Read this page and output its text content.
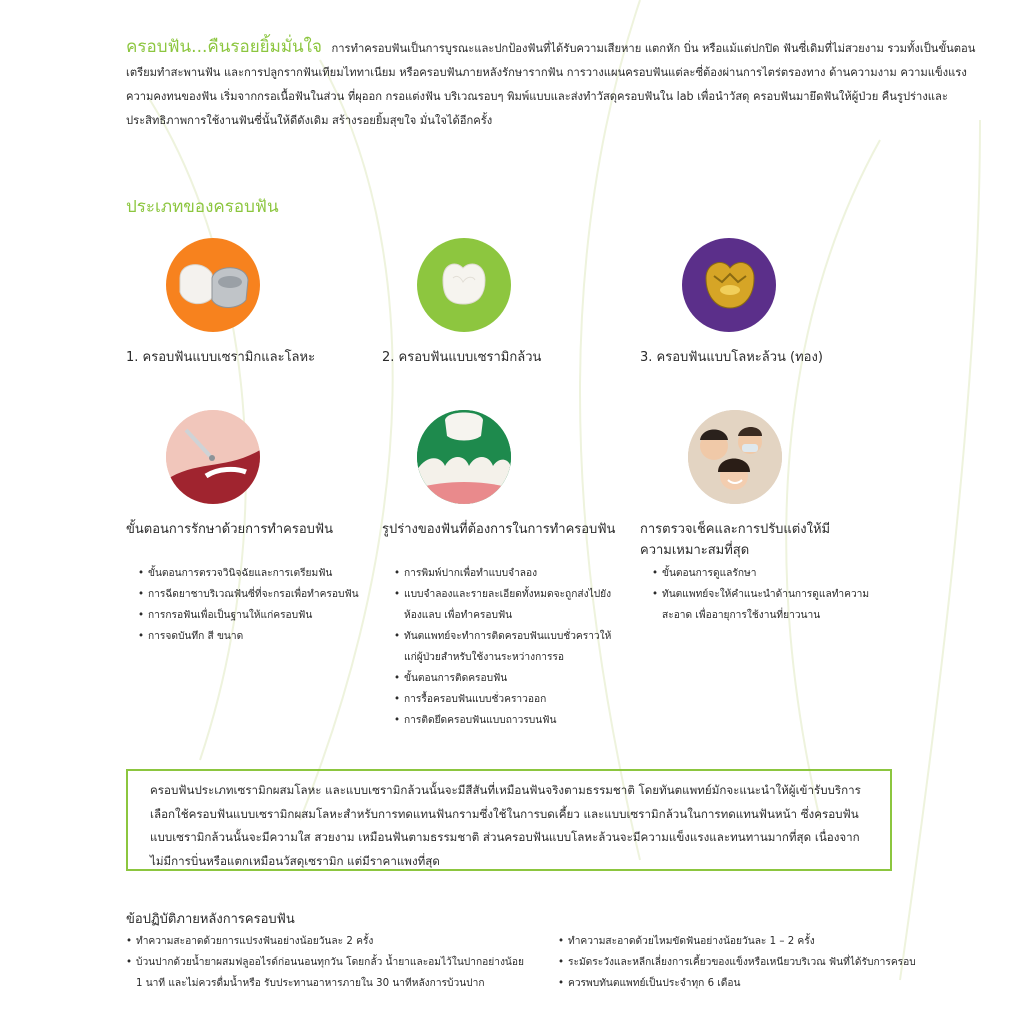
ครอบฟัน...คืนรอยยิ้มมั่นใจ การทำครอบฟันเป็นการบูรณะและปกป้องฟันที่ได้รับความเสียหาย แตกหัก บิ่น หรือแม้แต่ปกปิด ฟันซี่เดิมที่ไม่สวยงาม รวมทั้งเป็นขั้นตอนเตรียมทำสะพานฟัน และการปลูกรากฟันเทียมไททาเนียม หรือครอบฟันภายหลังรักษารากฟัน การวางแผนครอบฟันแต่ละซี่ต้องผ่านการไตร่ตรองทาง ด้านความงาม ความแข็งแรง ความคงทนของฟัน เริ่มจากกรอเนื้อฟันในส่วน ที่ผุออก กรอแต่งฟัน บริเวณรอบๆ พิมพ์แบบและส่งทำวัสดุครอบฟันใน lab เพื่อนำวัสดุ ครอบฟันมายึดฟันให้ผู้ป่วย คืนรูปร่างและประสิทธิภาพการใช้งานฟันซี่นั้นให้ดีดังเดิม สร้างรอยยิ้มสุขใจ มั่นใจได้อีกครั้ง

ประเภทของครอบฟัน

1. ครอบฟันแบบเซรามิกและโลหะ	2. ครอบฟันแบบเซรามิกล้วน	3. ครอบฟันแบบโลหะล้วน (ทอง)

ขั้นตอนการรักษาด้วยการทำครอบฟัน	รูปร่างของฟันที่ต้องการในการทำครอบฟัน	การตรวจเช็คและการปรับแต่งให้มีความเหมาะสมที่สุด
• ขั้นตอนการตรวจวินิจฉัยและการเตรียมฟัน
• การฉีดยาชาบริเวณฟันซี่ที่จะกรอเพื่อทำครอบฟัน
• การกรอฟันเพื่อเป็นฐานให้แก่ครอบฟัน
• การจดบันทึก สี ขนาด
• การพิมพ์ปากเพื่อทำแบบจำลอง
• แบบจำลองและรายละเอียดทั้งหมดจะถูกส่งไปยังห้องแลบ เพื่อทำครอบฟัน
• ทันตแพทย์จะทำการติดครอบฟันแบบชั่วคราวให้แก่ผู้ป่วยสำหรับใช้งานระหว่างการรอ
• ขั้นตอนการติดครอบฟัน
• การรื้อครอบฟันแบบชั่วคราวออก
• การติดยึดครอบฟันแบบถาวรบนฟัน
• ขั้นตอนการดูแลรักษา
• ทันตแพทย์จะให้คำแนะนำด้านการดูแลทำความสะอาด เพื่ออายุการใช้งานที่ยาวนาน
ครอบฟันประเภทเซรามิกผสมโลหะ และแบบเซรามิกล้วนนั้นจะมีสีสันที่เหมือนฟันจริงตามธรรมชาติ โดยทันตแพทย์มักจะแนะนำให้ผู้เข้ารับบริการเลือกใช้ครอบฟันแบบเซรามิกผสมโลหะสำหรับการทดแทนฟันกรามซึ่งใช้ในการบดเคี้ยว และแบบเซรามิกล้วนในการทดแทนฟันหน้า ซึ่งครอบฟันแบบเซรามิกล้วนนั้นจะมีความใส สวยงาม เหมือนฟันตามธรรมชาติ ส่วนครอบฟันแบบโลหะล้วนจะมีความแข็งแรงและทนทานมากที่สุด เนื่องจากไม่มีการบิ่นหรือแตกเหมือนวัสดุเซรามิก แต่มีราคาแพงที่สุด
ข้อปฏิบัติภายหลังการครอบฟัน
• ทำความสะอาดด้วยการแปรงฟันอย่างน้อยวันละ 2 ครั้ง
• บ้วนปากด้วยน้ำยาผสมฟลูออไรด์ก่อนนอนทุกวัน โดยกลั้ว น้ำยาและอมไว้ในปากอย่างน้อย 1 นาที และไม่ควรดื่มน้ำหรือ รับประทานอาหารภายใน 30 นาทีหลังการบ้วนปาก
• ทำความสะอาดด้วยไหมขัดฟันอย่างน้อยวันละ 1 – 2 ครั้ง
• ระมัดระวังและหลีกเลี่ยงการเคี้ยวของแข็งหรือเหนียวบริเวณ ฟันที่ได้รับการครอบ
• ควรพบทันตแพทย์เป็นประจำทุก 6 เดือน
